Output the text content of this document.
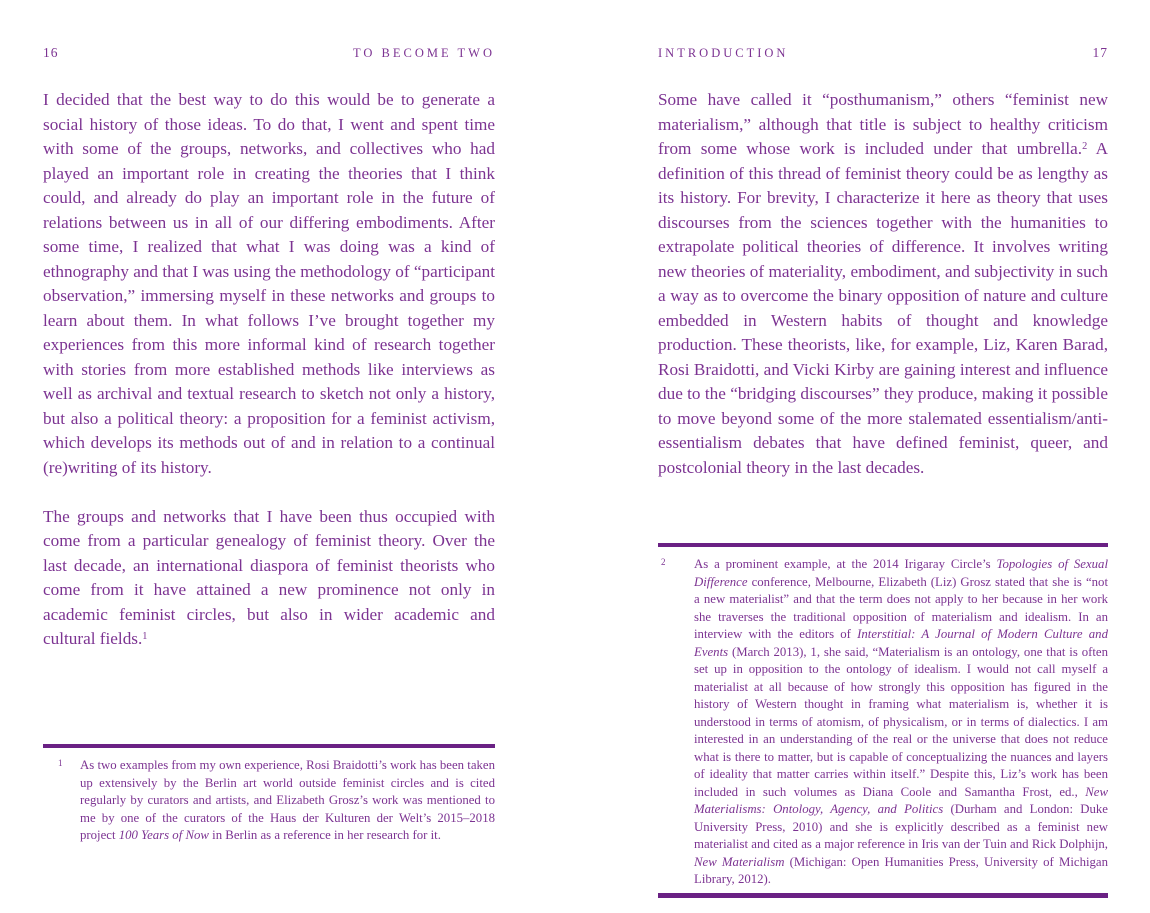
16	TO BECOME TWO

I decided that the best way to do this would be to generate a social history of those ideas. To do that, I went and spent time with some of the groups, networks, and collectives who had played an important role in creating the theories that I think could, and already do play an important role in the future of relations between us in all of our differing embodiments. After some time, I realized that what I was doing was a kind of ethnography and that I was using the methodology of “participant observation,” immersing myself in these networks and groups to learn about them. In what follows I’ve brought together my experiences from this more informal kind of research together with stories from more established methods like interviews as well as archival and textual research to sketch not only a history, but also a political theory: a proposition for a feminist activism, which develops its methods out of and in relation to a continual (re)writing of its history.

The groups and networks that I have been thus occupied with come from a particular genealogy of feminist theory. Over the last decade, an international diaspora of feminist theorists who come from it have attained a new prominence not only in academic feminist circles, but also in wider academic and cultural fields.$^1$

$^1$	As two examples from my own experience, Rosi Braidotti’s work has been taken up extensively by the Berlin art world outside feminist circles and is cited regularly by curators and artists, and Elizabeth Grosz’s work was mentioned to me by one of the curators of the Haus der Kulturen der Welt’s 2015–2018 project 100 Years of Now in Berlin as a reference in her research for it.
INTRODUCTION	17

Some have called it “posthumanism,” others “feminist new materialism,” although that title is subject to healthy criticism from some whose work is included under that umbrella.$^2$ A definition of this thread of feminist theory could be as lengthy as its history. For brevity, I characterize it here as theory that uses discourses from the sciences together with the humanities to extrapolate political theories of difference. It involves writing new theories of materiality, embodiment, and subjectivity in such a way as to overcome the binary opposition of nature and culture embedded in Western habits of thought and knowledge production. These theorists, like, for example, Liz, Karen Barad, Rosi Braidotti, and Vicki Kirby are gaining interest and influence due to the “bridging discourses” they produce, making it possible to move beyond some of the more stalemated essentialism/anti-essentialism debates that have defined feminist, queer, and postcolonial theory in the last decades.

$^2$	As a prominent example, at the 2014 Irigaray Circle’s Topologies of Sexual Difference conference, Melbourne, Elizabeth (Liz) Grosz stated that she is “not a new materialist” and that the term does not apply to her because in her work she traverses the traditional opposition of materialism and idealism. In an interview with the editors of Interstitial: A Journal of Modern Culture and Events (March 2013), 1, she said, “Materialism is an ontology, one that is often set up in opposition to the ontology of idealism. I would not call myself a materialist at all because of how strongly this opposition has figured in the history of Western thought in framing what materialism is, whether it is understood in terms of atomism, of physicalism, or in terms of dialectics. I am interested in an understanding of the real or the universe that does not reduce what is there to matter, but is capable of conceptualizing the nuances and layers of ideality that matter carries within itself.” Despite this, Liz’s work has been included in such volumes as Diana Coole and Samantha Frost, ed., New Materialisms: Ontology, Agency, and Politics (Durham and London: Duke University Press, 2010) and she is explicitly described as a feminist new materialist and cited as a major reference in Iris van der Tuin and Rick Dolphijn, New Materialism (Michigan: Open Humanities Press, University of Michigan Library, 2012).
